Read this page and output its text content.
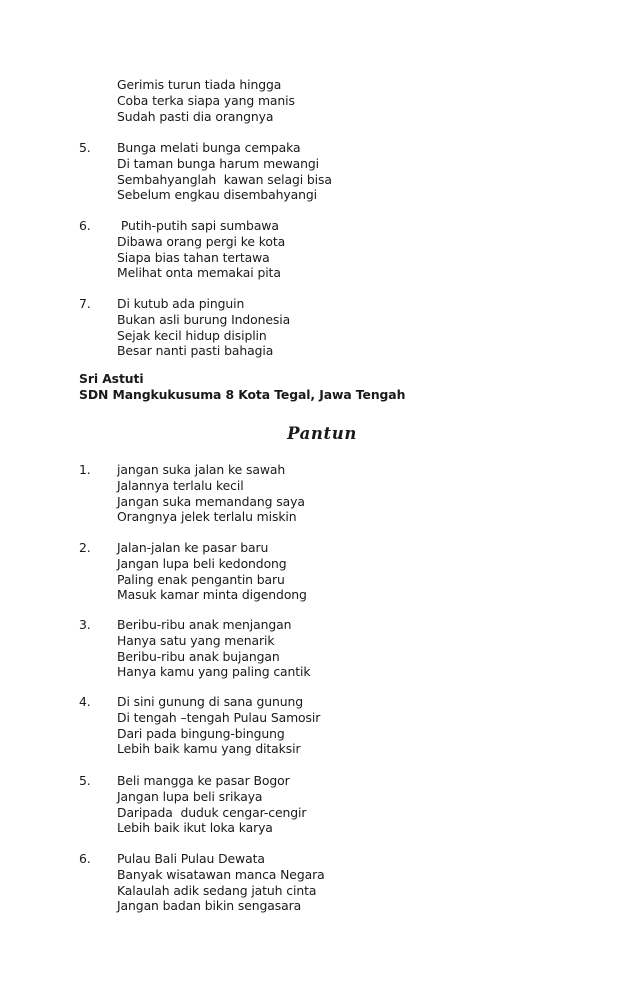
Gerimis turun tiada hingga
Coba terka siapa yang manis
Sudah pasti dia orangnya
5. Bunga melati bunga cempaka
Di taman bunga harum mewangi
Sembahyanglah  kawan selagi bisa
Sebelum engkau disembahyangi
6. Putih-putih sapi sumbawa
Dibawa orang pergi ke kota
Siapa bias tahan tertawa
Melihat onta memakai pita
7. Di kutub ada pinguin
Bukan asli burung Indonesia
Sejak kecil hidup disiplin
Besar nanti pasti bahagia
Sri Astuti
SDN Mangkukusuma 8 Kota Tegal, Jawa Tengah
Pantun
1. jangan suka jalan ke sawah
Jalannya terlalu kecil
Jangan suka memandang saya
Orangnya jelek terlalu miskin
2. Jalan-jalan ke pasar baru
Jangan lupa beli kedondong
Paling enak pengantin baru
Masuk kamar minta digendong
3. Beribu-ribu anak menjangan
Hanya satu yang menarik
Beribu-ribu anak bujangan
Hanya kamu yang paling cantik
4. Di sini gunung di sana gunung
Di tengah –tengah Pulau Samosir
Dari pada bingung-bingung
Lebih baik kamu yang ditaksir
5. Beli mangga ke pasar Bogor
Jangan lupa beli srikaya
Daripada  duduk cengar-cengir
Lebih baik ikut loka karya
6. Pulau Bali Pulau Dewata
Banyak wisatawan manca Negara
Kalaulah adik sedang jatuh cinta
Jangan badan bikin sengasara
